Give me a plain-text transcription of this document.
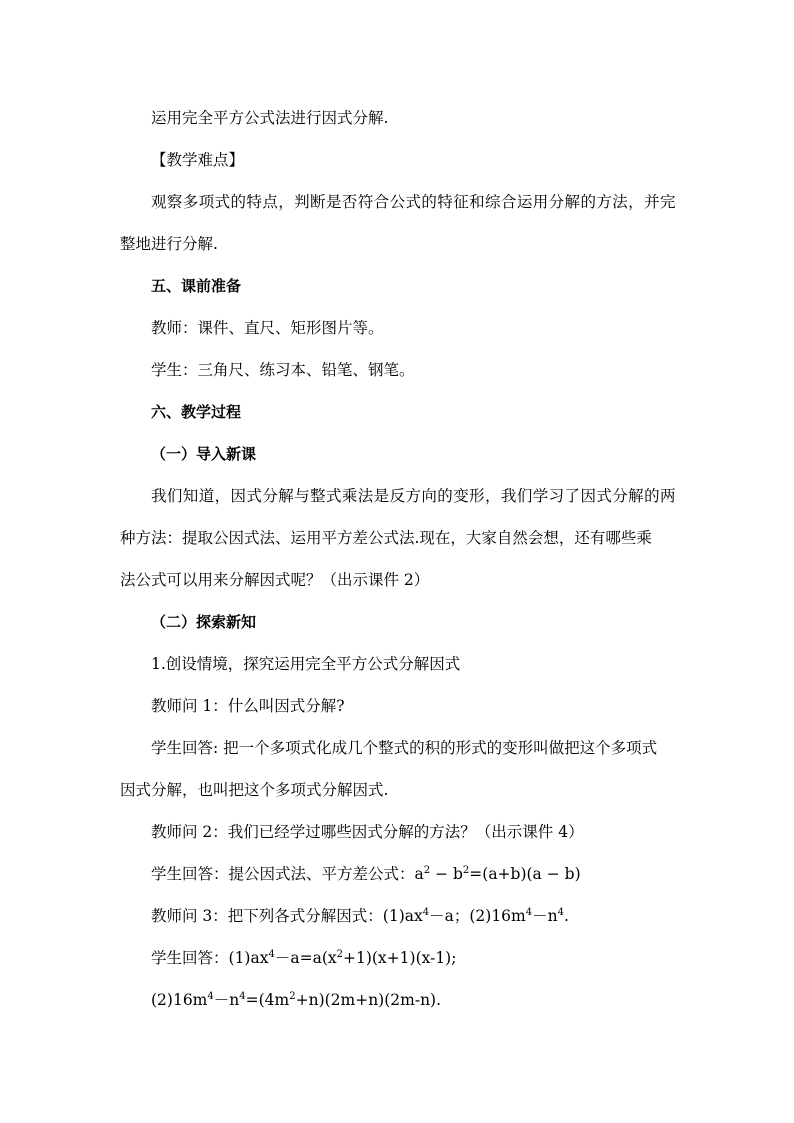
运用完全平方公式法进行因式分解.

【教学难点】

观察多项式的特点，判断是否符合公式的特征和综合运用分解的方法，并完

整地进行分解.

五、课前准备

教师：课件、直尺、矩形图片等。

学生：三角尺、练习本、铅笔、钢笔。

六、教学过程

（一）导入新课

我们知道，因式分解与整式乘法是反方向的变形，我们学习了因式分解的两

种方法：提取公因式法、运用平方差公式法.现在，大家自然会想，还有哪些乘

法公式可以用来分解因式呢？（出示课件 2）

（二）探索新知

1.创设情境，探究运用完全平方公式分解因式

教师问 1：什么叫因式分解?

学生回答: 把一个多项式化成几个整式的积的形式的变形叫做把这个多项式

因式分解，也叫把这个多项式分解因式.

教师问 2：我们已经学过哪些因式分解的方法？（出示课件 4）

学生回答：提公因式法、平方差公式：$a^2 - b^2=(a+b)(a - b)$

教师问 3：把下列各式分解因式：$(1)ax^4-a$；$(2)16m^4-n^4$.

学生回答：$(1)ax^4-a=a(x^2+1)(x+1)(x-1)$;

$(2)16m^4-n^4=(4m^2+n)(2m+n)(2m-n)$.
